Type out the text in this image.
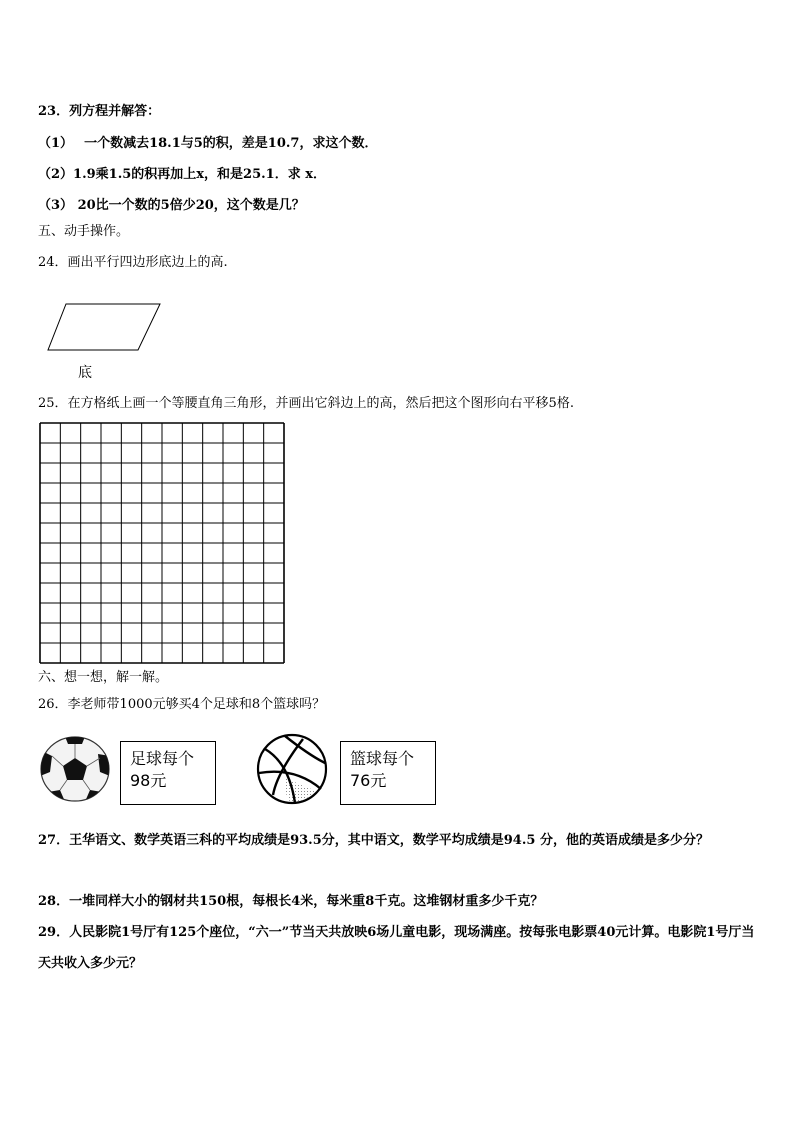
23．列方程并解答：
（1）　 一个数减去18.1与5的积，差是10.7，求这个数．
（2）1.9乘1.5的积再加上x，和是25.1．求 x．
（3） 20比一个数的5倍少20，这个数是几？
五、动手操作。
24．画出平行四边形底边上的高.
底
25．在方格纸上画一个等腰直角三角形，并画出它斜边上的高，然后把这个图形向右平移5格.
六、想一想，解一解。
26．李老师带1000元够买4个足球和8个篮球吗？
足球每个
98元
篮球每个
76元
27．王华语文、数学英语三科的平均成绩是93.5分，其中语文，数学平均成绩是94.5 分，他的英语成绩是多少分？
28．一堆同样大小的钢材共150根，每根长4米，每米重8千克。这堆钢材重多少千克？
29．人民影院1号厅有125个座位，“六一”节当天共放映6场儿童电影，现场满座。按每张电影票40元计算。电影院1号厅当天共收入多少元？
